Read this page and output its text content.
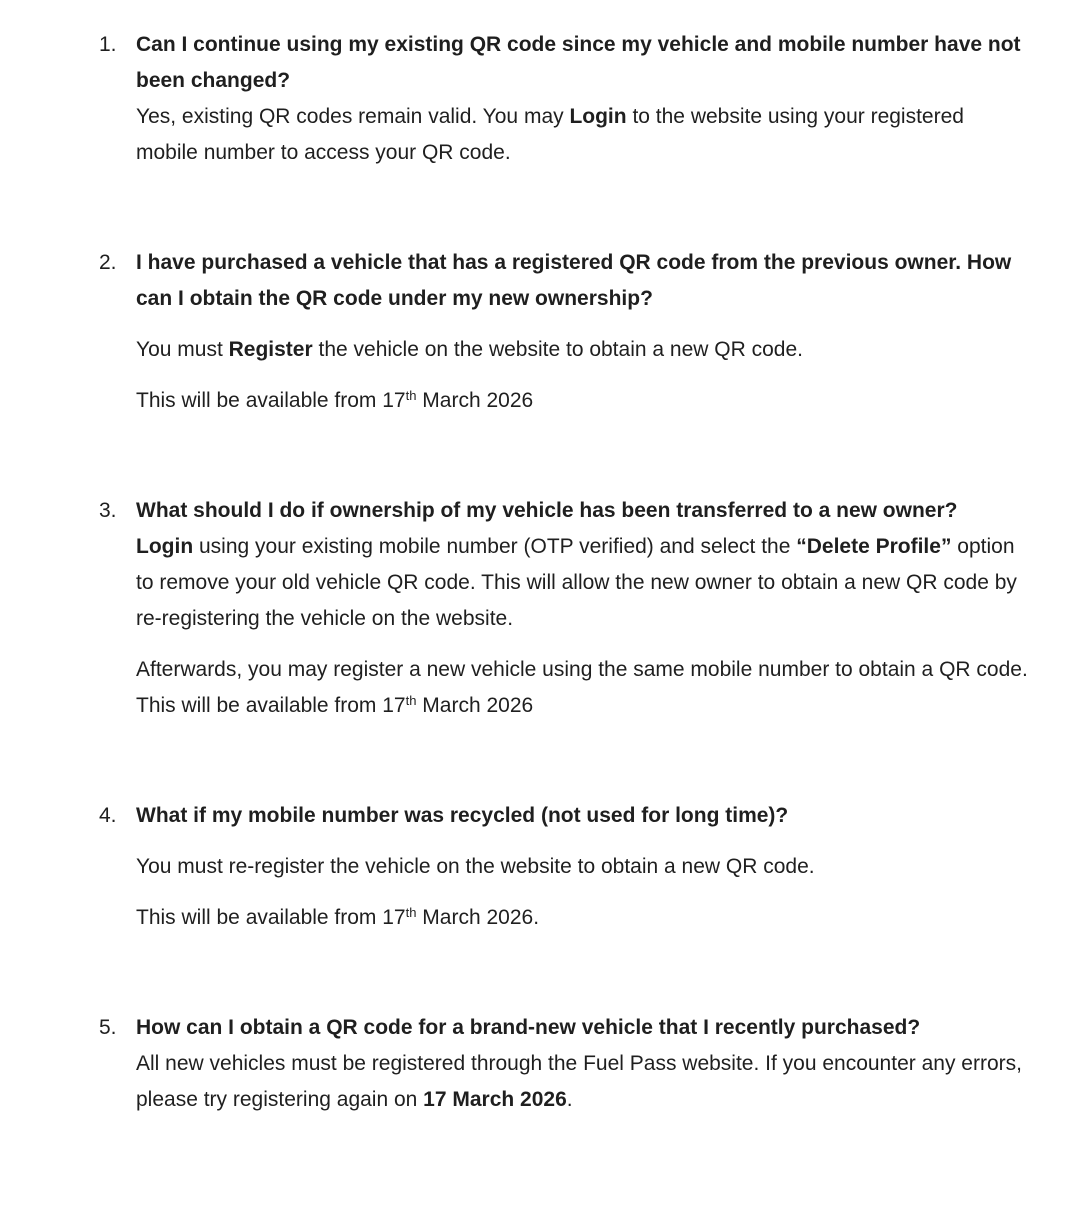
1. Can I continue using my existing QR code since my vehicle and mobile number have not been changed?

Yes, existing QR codes remain valid. You may Login to the website using your registered mobile number to access your QR code.

2. I have purchased a vehicle that has a registered QR code from the previous owner. How can I obtain the QR code under my new ownership?

You must Register the vehicle on the website to obtain a new QR code.

This will be available from 17th March 2026

3. What should I do if ownership of my vehicle has been transferred to a new owner?

Login using your existing mobile number (OTP verified) and select the “Delete Profile” option to remove your old vehicle QR code. This will allow the new owner to obtain a new QR code by re-registering the vehicle on the website.

Afterwards, you may register a new vehicle using the same mobile number to obtain a QR code. This will be available from 17th March 2026

4. What if my mobile number was recycled (not used for long time)?

You must re-register the vehicle on the website to obtain a new QR code.

This will be available from 17th March 2026.

5. How can I obtain a QR code for a brand-new vehicle that I recently purchased?

All new vehicles must be registered through the Fuel Pass website. If you encounter any errors, please try registering again on 17 March 2026.
